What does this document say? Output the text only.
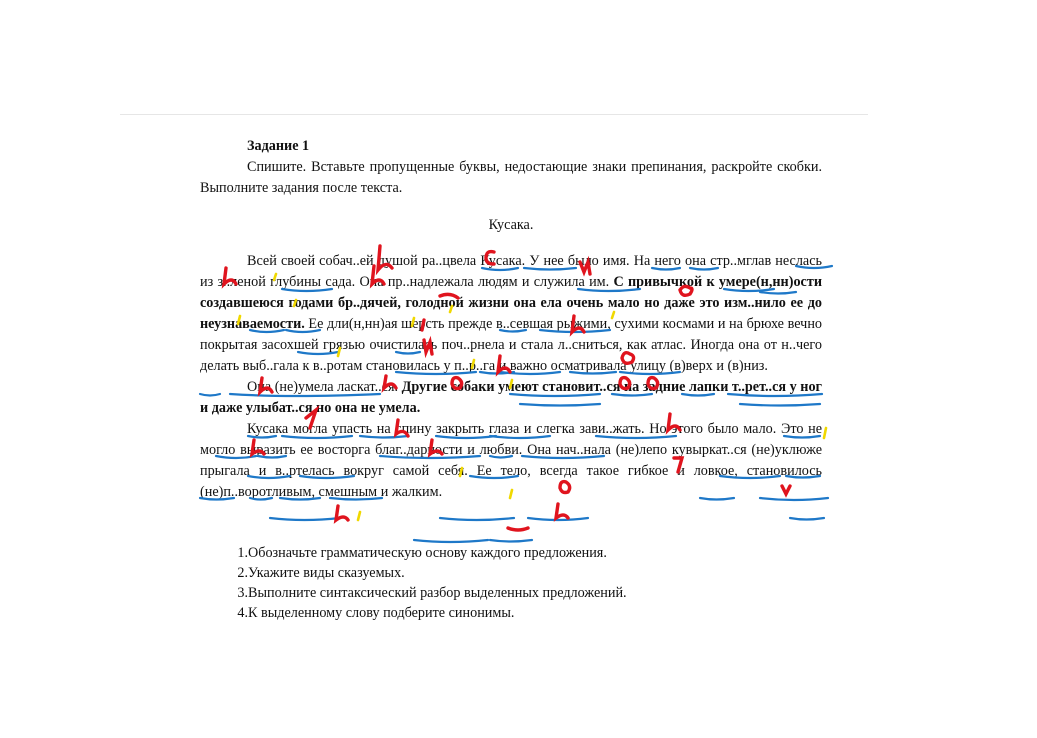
Задание 1
Спишите. Вставьте пропущенные буквы, недостающие знаки препинания, раскройте скобки. Выполните задания после текста.
Кусака.
Всей своей собач..ей душой ра..цвела Кусака. У нее было имя. На него она стр..мглав неслась из з..леной глубины сада. Она пр..надлежала людям и служила им. С привычкой к умере(н,нн)ости создавшеюся годами бр..дячей, голодной жизни она ела очень мало но даже это изм..нило ее до неузнаваемости. Ее дли(н,нн)ая шерсть прежде в..севшая рыжими, сухими космами и на брюхе вечно покрытая засохшей грязью очистилась поч..рнела и стала л..сниться, как атлас. Иногда она от н..чего делать выб..гала к в..ротам становилась у п..р..га и важно осматривала улицу (в)верх и (в)низ.
Она (не)умела ласкат..ся. Другие собаки умеют становит..ся на задние лапки т..рет..ся у ног и даже улыбат..ся но она не умела.
Кусака могла упасть на спину закрыть глаза и слегка зави..жать. Но этого было мало. Это не могло выразить ее восторга благ..дарности и любви. Она нач..нала (не)лепо кувыркат..ся (не)уклюже прыгала и в..ртелась вокруг самой себя. Ее тело, всегда такое гибкое и ловкое, становилось (не)п..воротливым, смешным и жалким.
1. Обозначьте грамматическую основу каждого предложения.
2. Укажите виды сказуемых.
3. Выполните синтаксический разбор выделенных предложений.
4. К выделенному слову подберите синонимы.
